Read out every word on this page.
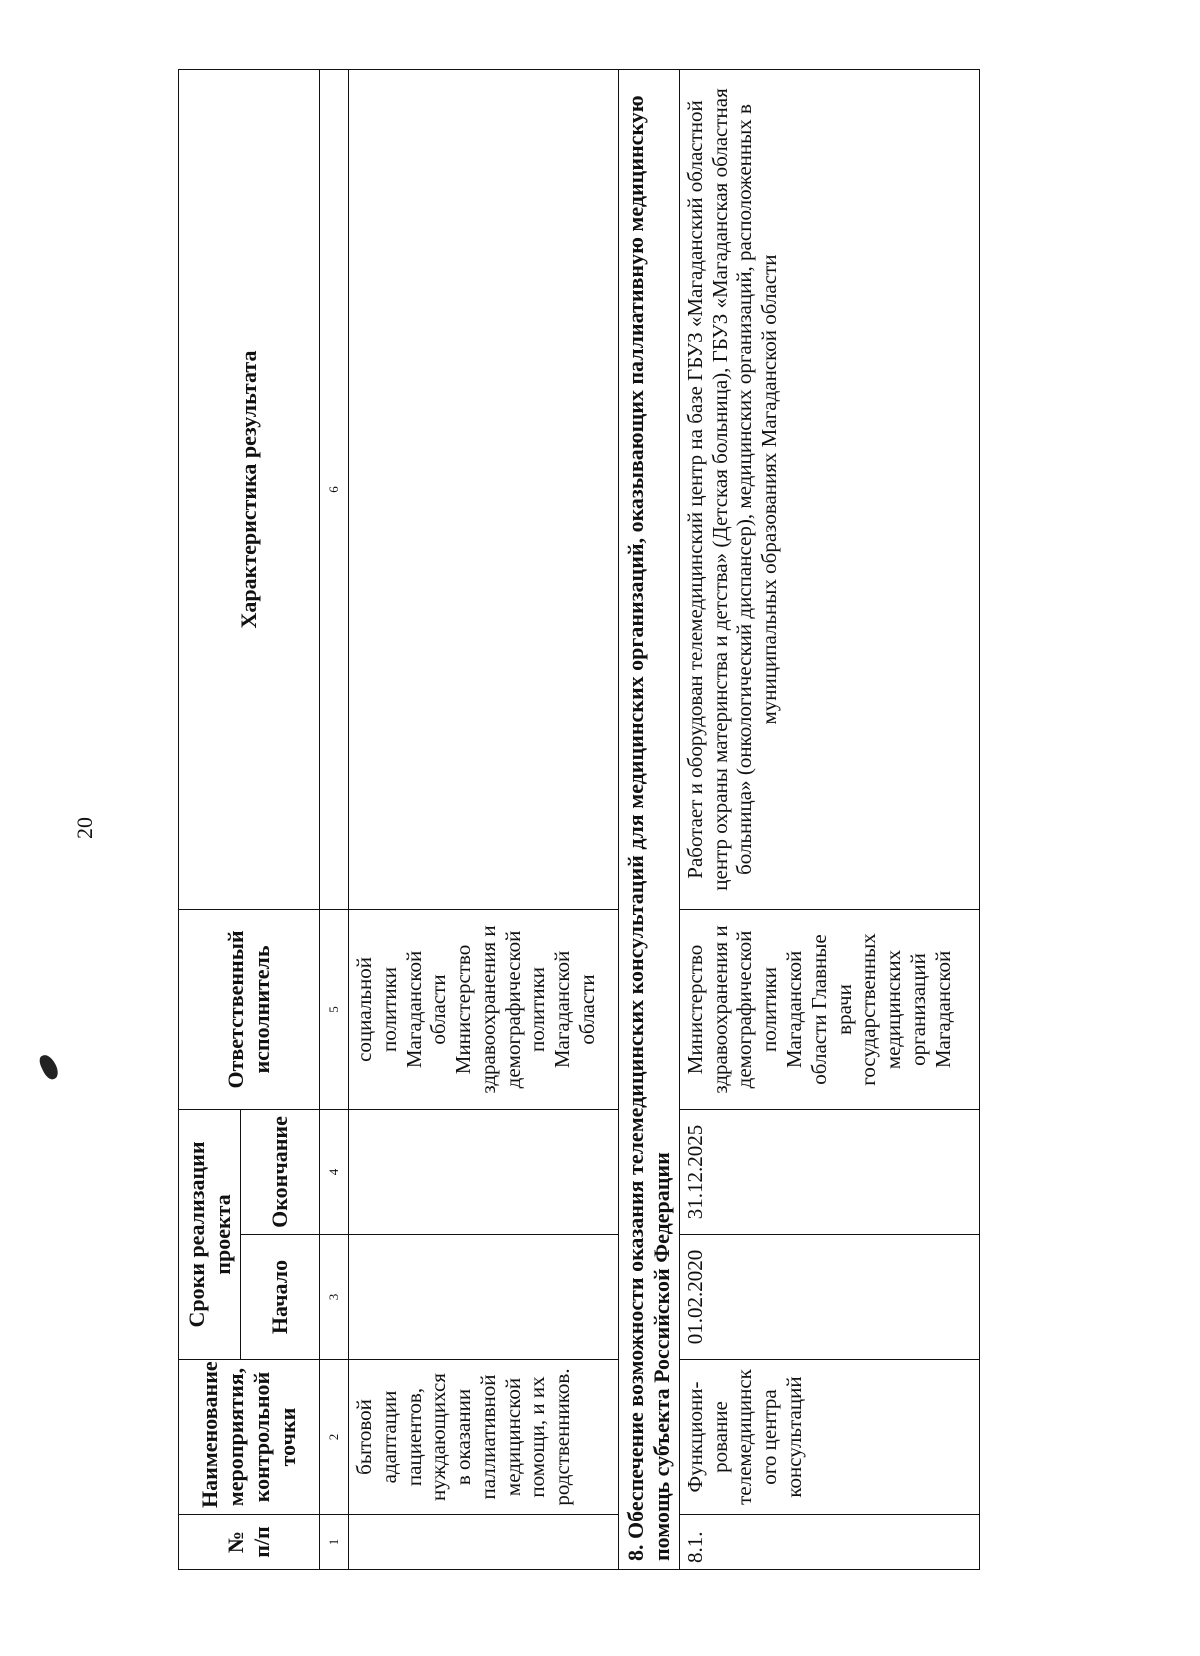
20
№ п/п	Наименование мероприятия, контрольной точки	Сроки реализации проекта		Ответственный исполнитель	Характеристика результата
		Начало	Окончание		
1	2	3	4	5	6
	бытовой адаптации пациентов, нуждающихся в оказании паллиативной медицинской помощи, и их родственников.			социальной политики Магаданской области Министерство здравоохранения и демографической политики Магаданской области	
8. Обеспечение возможности оказания телемедицинских консультаций для медицинских организаций, оказывающих паллиативную медицинскую помощь субъекта Российской Федерации					
8.1.	Функциони- рование телемедицинск ого центра консультаций	01.02.2020	31.12.2025	Министерство здравоохранения и демографической политики Магаданской области Главные врачи государственных медицинских организаций Магаданской	Работает и оборудован телемедицинский центр на базе ГБУЗ «Магаданский областной центр охраны материнства и детства» (Детская больница), ГБУЗ «Магаданская областная больница» (онкологический диспансер), медицинских организаций, расположенных в муниципальных образованиях Магаданской области
